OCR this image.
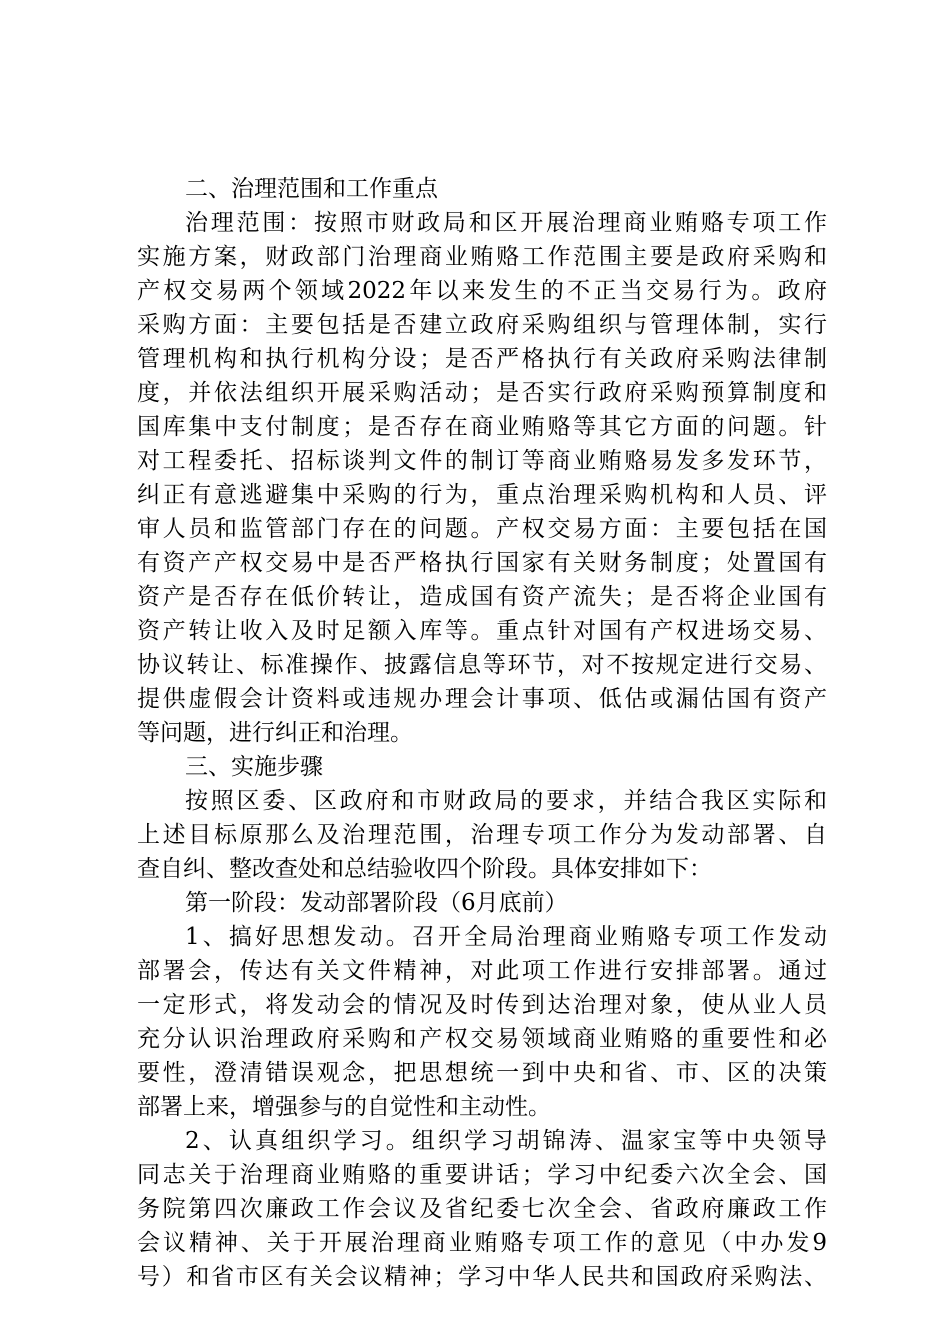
二、治理范围和工作重点
治理范围：按照市财政局和区开展治理商业贿赂专项工作
实施方案，财政部门治理商业贿赂工作范围主要是政府采购和
产权交易两个领域2022年以来发生的不正当交易行为。政府
采购方面：主要包括是否建立政府采购组织与管理体制，实行
管理机构和执行机构分设；是否严格执行有关政府采购法律制
度，并依法组织开展采购活动；是否实行政府采购预算制度和
国库集中支付制度；是否存在商业贿赂等其它方面的问题。针
对工程委托、招标谈判文件的制订等商业贿赂易发多发环节，
纠正有意逃避集中采购的行为，重点治理采购机构和人员、评
审人员和监管部门存在的问题。产权交易方面：主要包括在国
有资产产权交易中是否严格执行国家有关财务制度；处置国有
资产是否存在低价转让，造成国有资产流失；是否将企业国有
资产转让收入及时足额入库等。重点针对国有产权进场交易、
协议转让、标准操作、披露信息等环节，对不按规定进行交易、
提供虚假会计资料或违规办理会计事项、低估或漏估国有资产
等问题，进行纠正和治理。
三、实施步骤
按照区委、区政府和市财政局的要求，并结合我区实际和
上述目标原那么及治理范围，治理专项工作分为发动部署、自
查自纠、整改查处和总结验收四个阶段。具体安排如下：
第一阶段：发动部署阶段（6月底前）
1、搞好思想发动。召开全局治理商业贿赂专项工作发动
部署会，传达有关文件精神，对此项工作进行安排部署。通过
一定形式，将发动会的情况及时传到达治理对象，使从业人员
充分认识治理政府采购和产权交易领域商业贿赂的重要性和必
要性，澄清错误观念，把思想统一到中央和省、市、区的决策
部署上来，增强参与的自觉性和主动性。
2、认真组织学习。组织学习胡锦涛、温家宝等中央领导
同志关于治理商业贿赂的重要讲话；学习中纪委六次全会、国
务院第四次廉政工作会议及省纪委七次全会、省政府廉政工作
会议精神、关于开展治理商业贿赂专项工作的意见（中办发9
号）和省市区有关会议精神；学习中华人民共和国政府采购法、
